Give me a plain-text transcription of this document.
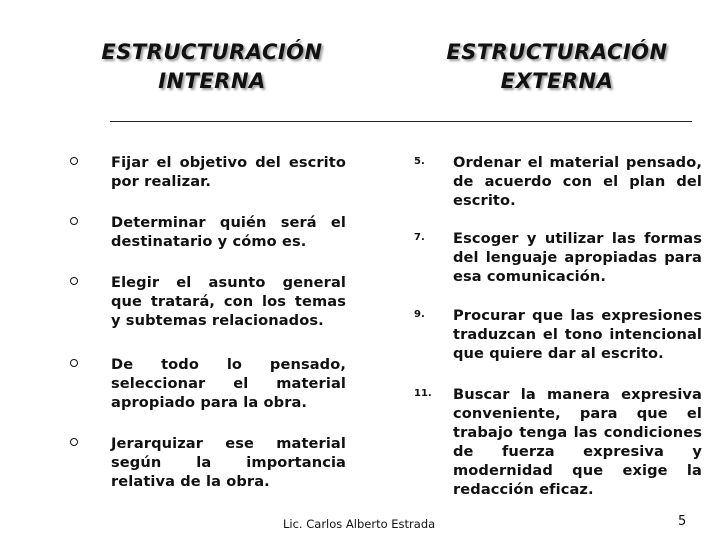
ESTRUCTURACIÓN
INTERNA
ESTRUCTURACIÓN
EXTERNA
Fijar el objetivo del escrito por realizar.
Determinar quién será el destinatario y cómo es.
Elegir el asunto general que tratará, con los temas y subtemas relacionados.
De todo lo pensado, seleccionar el material apropiado para la obra.
Jerarquizar ese material según la importancia relativa de la obra.
5. Ordenar el material pensado, de acuerdo con el plan del escrito.
7. Escoger y utilizar las formas del lenguaje apropiadas para esa comunicación.
9. Procurar que las expresiones traduzcan el tono intencional que quiere dar al escrito.
11. Buscar la manera expresiva conveniente, para que el trabajo tenga las condiciones de fuerza expresiva y modernidad que exige la redacción eficaz.
Lic. Carlos Alberto Estrada	5
